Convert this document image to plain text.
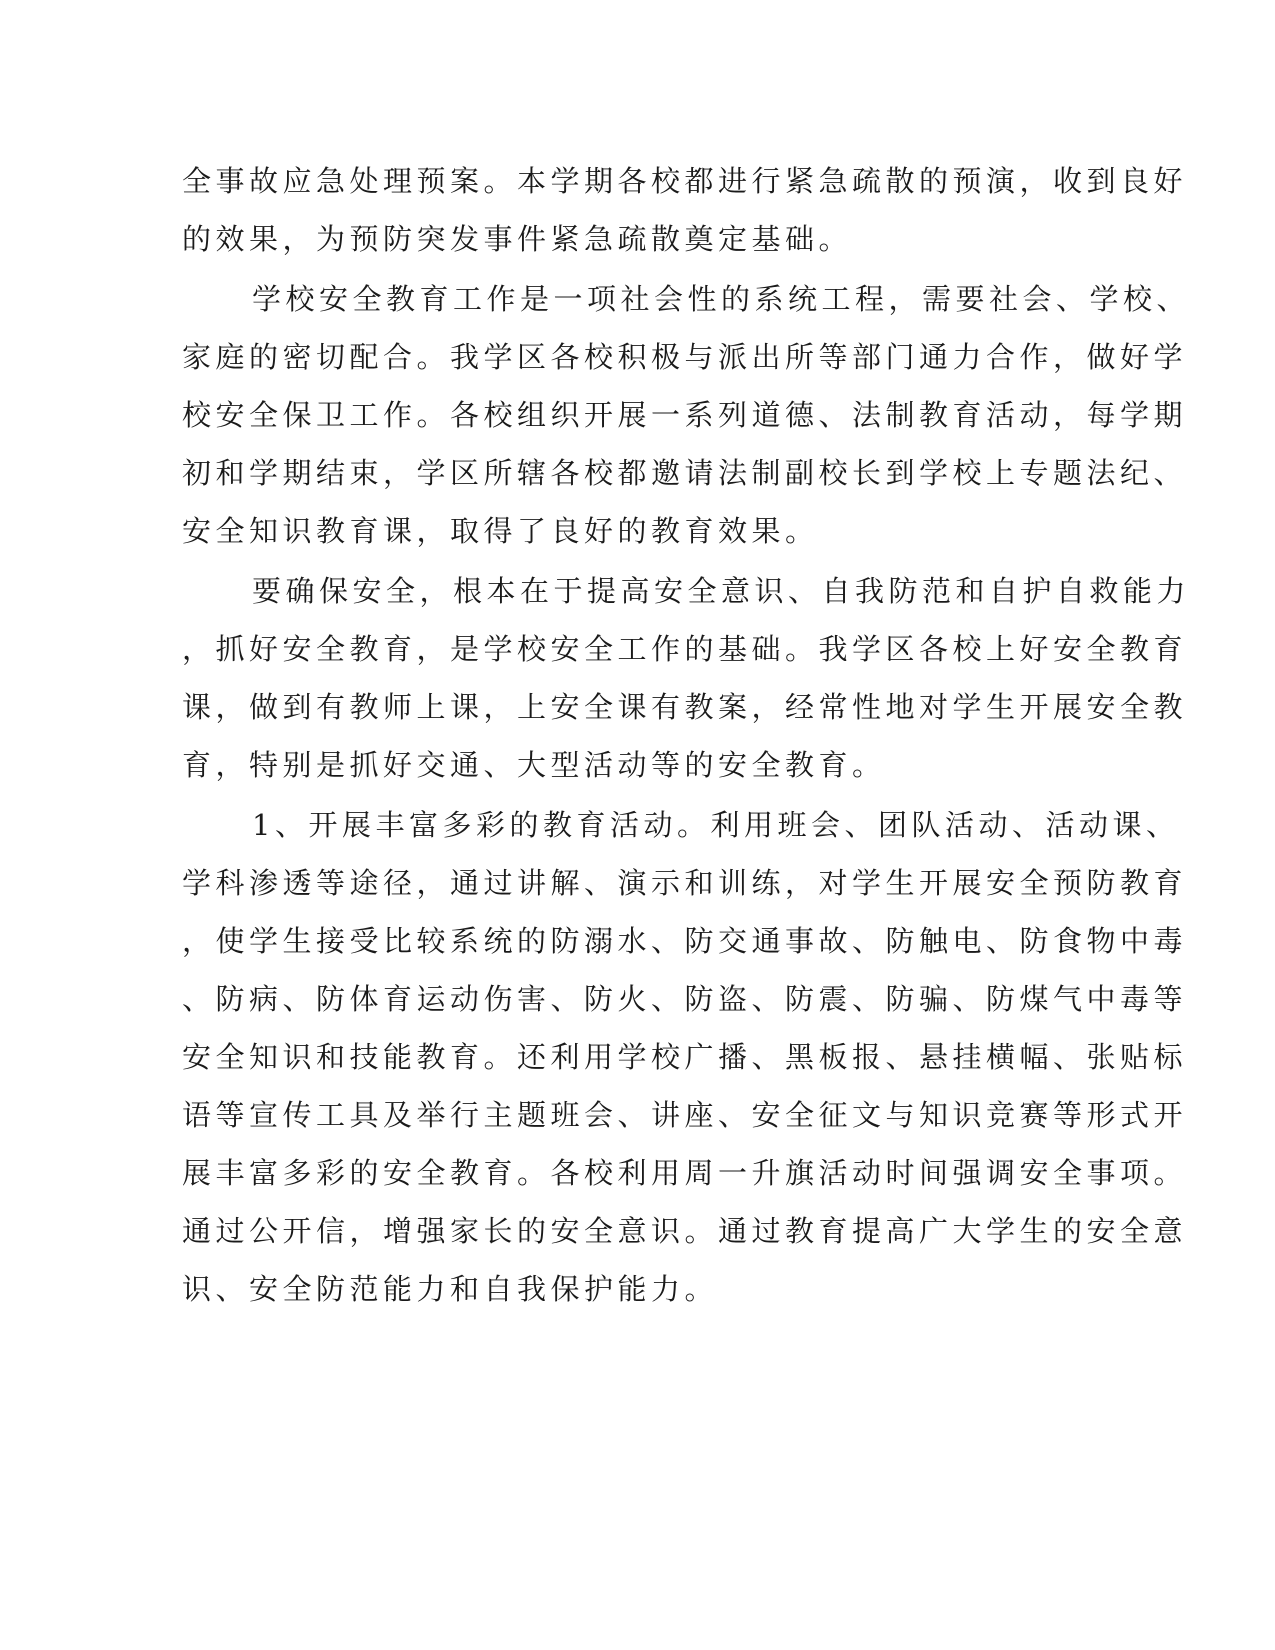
全事故应急处理预案。本学期各校都进行紧急疏散的预演，收到良好
的效果，为预防突发事件紧急疏散奠定基础。
学校安全教育工作是一项社会性的系统工程，需要社会、学校、
家庭的密切配合。我学区各校积极与派出所等部门通力合作，做好学
校安全保卫工作。各校组织开展一系列道德、法制教育活动，每学期
初和学期结束，学区所辖各校都邀请法制副校长到学校上专题法纪、
安全知识教育课，取得了良好的教育效果。
要确保安全，根本在于提高安全意识、自我防范和自护自救能力
，抓好安全教育，是学校安全工作的基础。我学区各校上好安全教育
课，做到有教师上课，上安全课有教案，经常性地对学生开展安全教
育，特别是抓好交通、大型活动等的安全教育。
1、开展丰富多彩的教育活动。利用班会、团队活动、活动课、
学科渗透等途径，通过讲解、演示和训练，对学生开展安全预防教育
，使学生接受比较系统的防溺水、防交通事故、防触电、防食物中毒
、防病、防体育运动伤害、防火、防盗、防震、防骗、防煤气中毒等
安全知识和技能教育。还利用学校广播、黑板报、悬挂横幅、张贴标
语等宣传工具及举行主题班会、讲座、安全征文与知识竞赛等形式开
展丰富多彩的安全教育。各校利用周一升旗活动时间强调安全事项。
通过公开信，增强家长的安全意识。通过教育提高广大学生的安全意
识、安全防范能力和自我保护能力。
